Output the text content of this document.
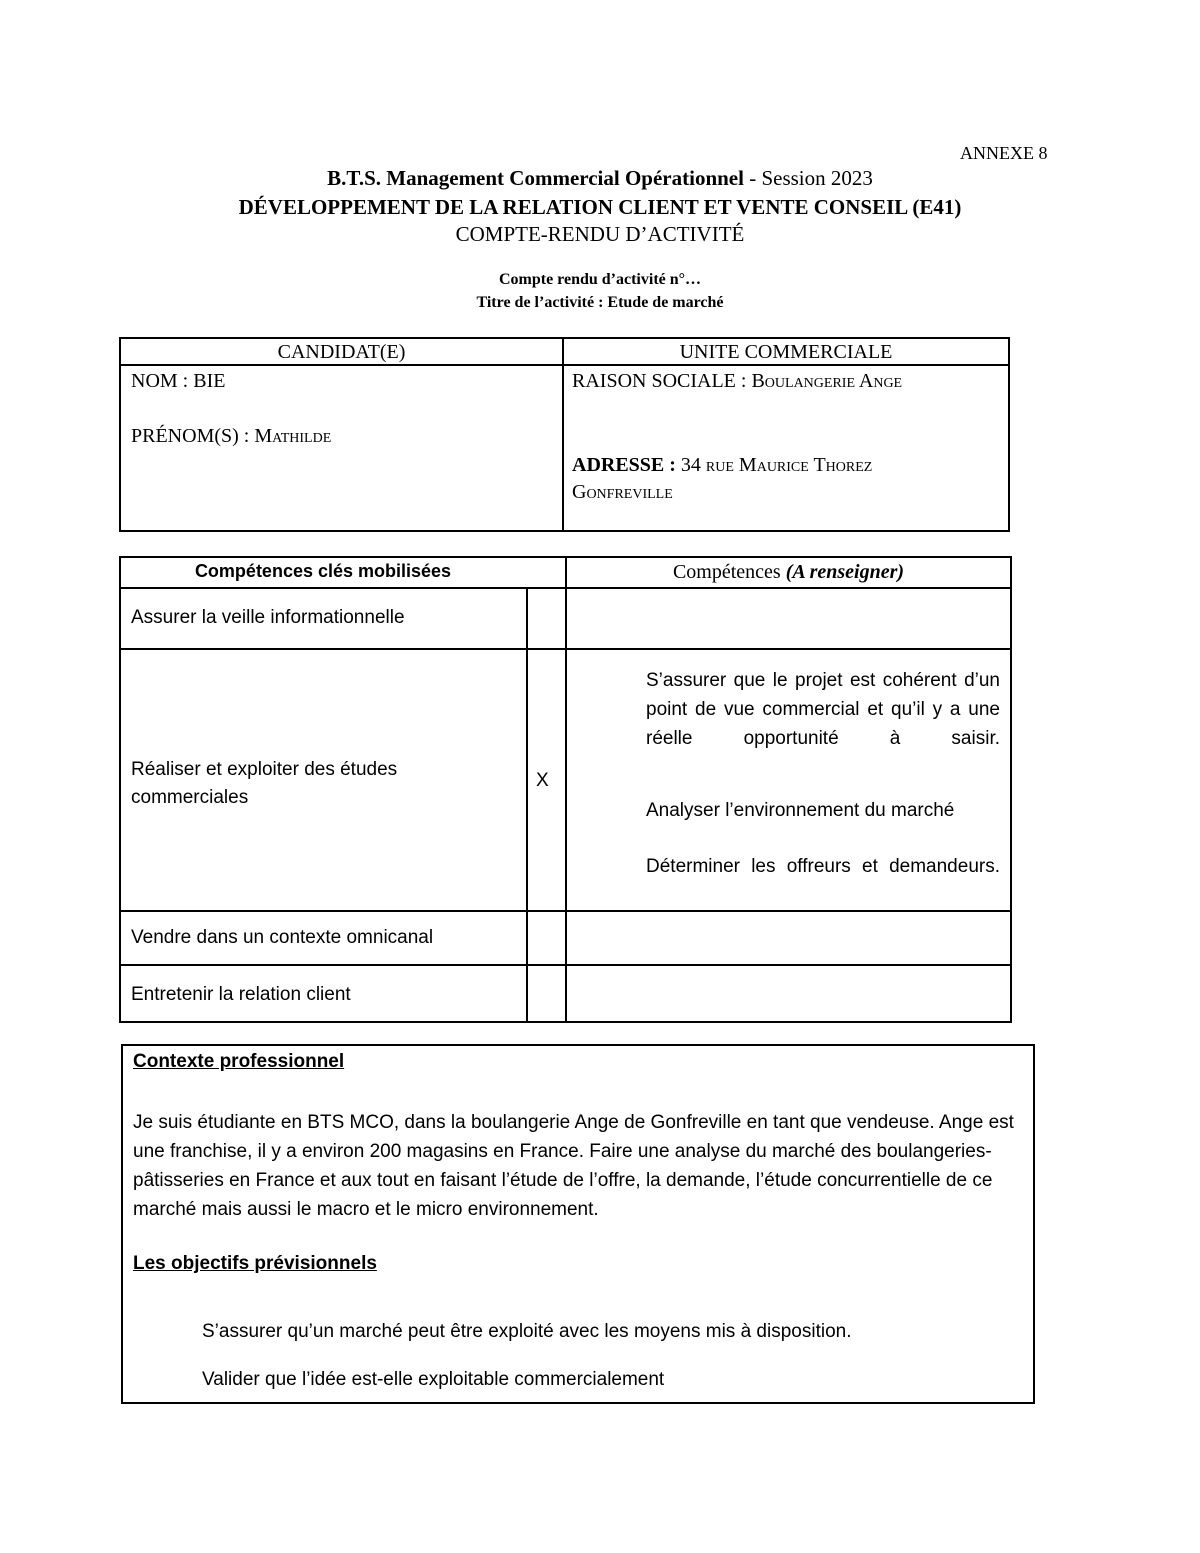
ANNEXE 8
B.T.S. Management Commercial Opérationnel - Session 2023
DÉVELOPPEMENT DE LA RELATION CLIENT ET VENTE CONSEIL (E41)
COMPTE-RENDU D’ACTIVITÉ
Compte rendu d’activité n°…
Titre de l’activité : Etude de marché
CANDIDAT(E)	UNITE COMMERCIALE
NOM : BIE
PRÉNOM(S) : Mathilde
RAISON SOCIALE : Boulangerie Ange
ADRESSE : 34 rue Maurice Thorez
Gonfreville
Compétences clés mobilisées	Compétences (A renseigner)
Assurer la veille informationnelle
Réaliser et exploiter des études commerciales
X
Vendre dans un contexte omnicanal
Entretenir la relation client
S’assurer que le projet est cohérent d’un point de vue commercial et qu’il y a une réelle opportunité à saisir.
Analyser l’environnement du marché
Déterminer les offreurs et demandeurs.
Contexte professionnel
Je suis étudiante en BTS MCO, dans la boulangerie Ange de Gonfreville en tant que vendeuse. Ange est une franchise, il y a environ 200 magasins en France. Faire une analyse du marché des boulangeries-pâtisseries en France et aux tout en faisant l’étude de l’offre, la demande, l’étude concurrentielle de ce marché mais aussi le macro et le micro environnement.
Les objectifs prévisionnels
S’assurer qu’un marché peut être exploité avec les moyens mis à disposition.
Valider que l’idée est-elle exploitable commercialement
